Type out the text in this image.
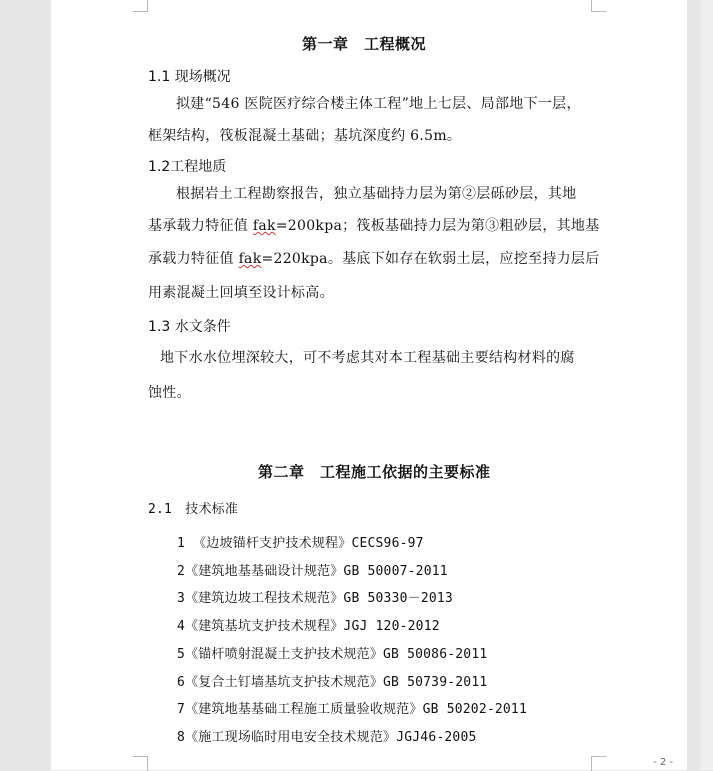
第一章　工程概况
1.1 现场概况
拟建“546 医院医疗综合楼主体工程”地上七层、局部地下一层，
框架结构，筏板混凝土基础；基坑深度约 6.5m。
1.2工程地质
根据岩土工程勘察报告，独立基础持力层为第②层砾砂层，其地
基承载力特征值 fak=200kpa；筏板基础持力层为第③粗砂层，其地基
承载力特征值 fak=220kpa。基底下如存在软弱土层，应挖至持力层后
用素混凝土回填至设计标高。
1.3 水文条件
地下水水位埋深较大，可不考虑其对本工程基础主要结构材料的腐
蚀性。
第二章　工程施工依据的主要标准
2.1　技术标准
1 《边坡锚杆支护技术规程》CECS96-97
2《建筑地基基础设计规范》GB 50007-2011
3《建筑边坡工程技术规范》GB 50330－2013
4《建筑基坑支护技术规程》JGJ 120-2012
5《锚杆喷射混凝土支护技术规范》GB 50086-2011
6《复合土钉墙基坑支护技术规范》GB 50739-2011
7《建筑地基基础工程施工质量验收规范》GB 50202-2011
8《施工现场临时用电安全技术规范》JGJ46-2005
- 2 -
